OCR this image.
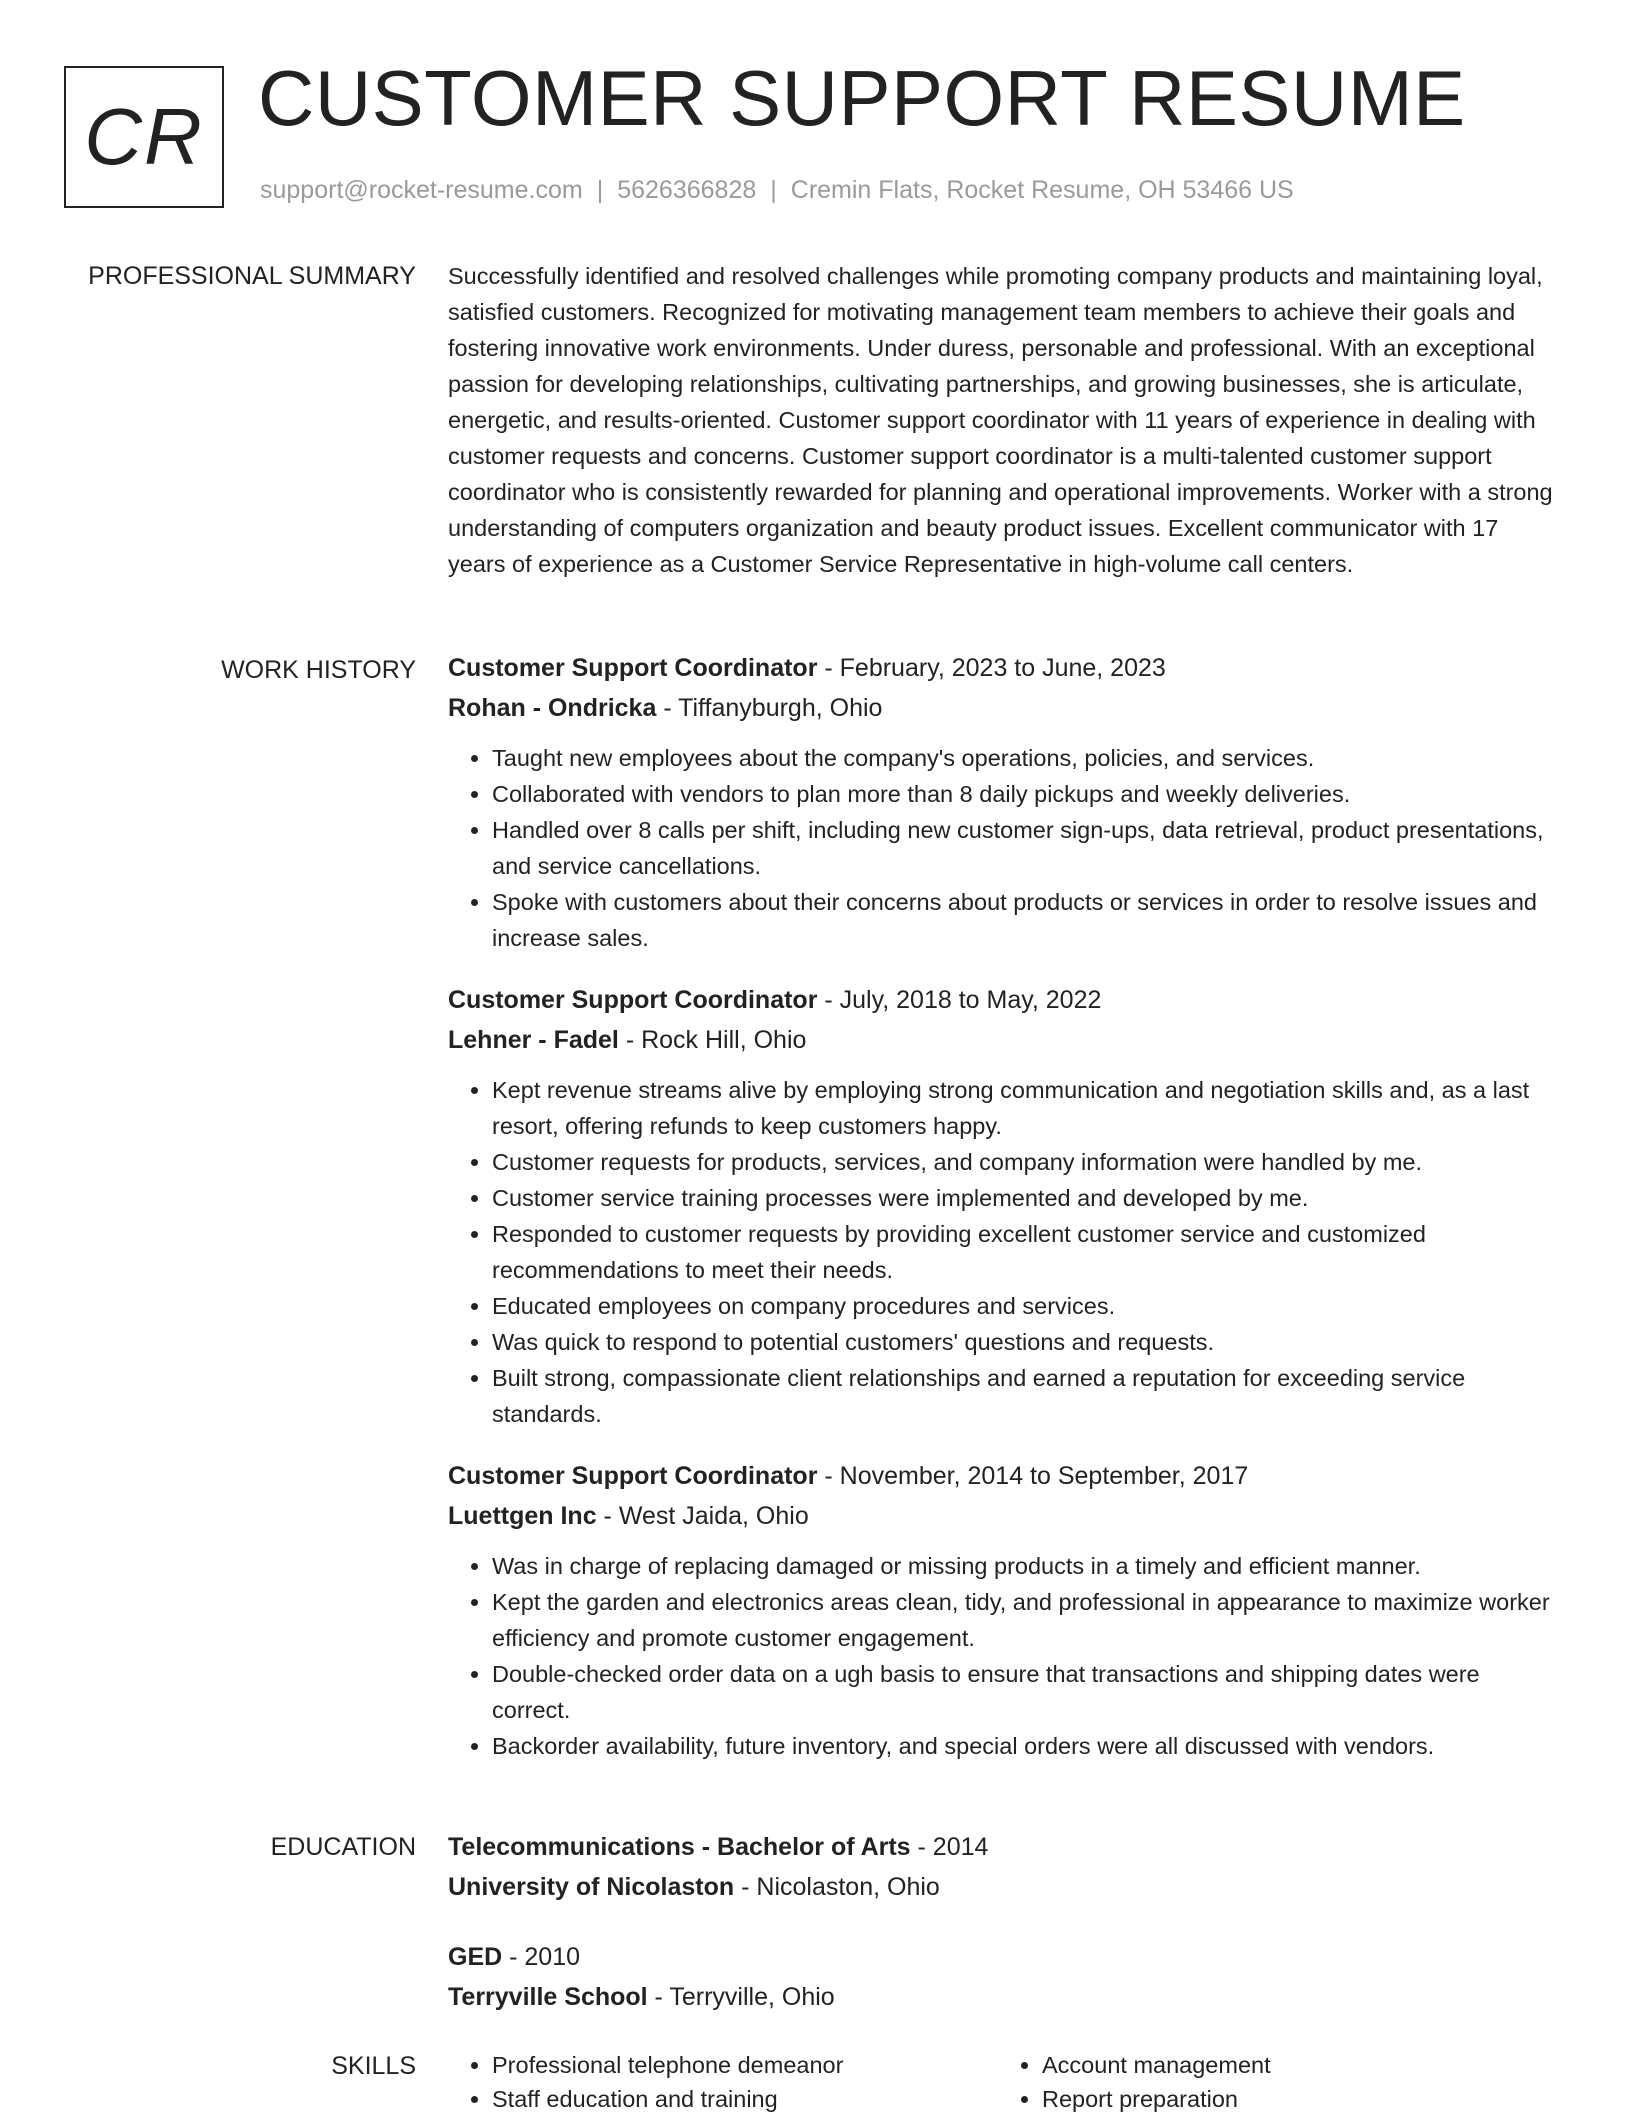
CR CUSTOMER SUPPORT RESUME
support@rocket-resume.com | 5626366828 | Cremin Flats, Rocket Resume, OH 53466 US
PROFESSIONAL SUMMARY Successfully identified and resolved challenges while promoting company products and maintaining loyal, satisfied customers. Recognized for motivating management team members to achieve their goals and fostering innovative work environments. Under duress, personable and professional. With an exceptional passion for developing relationships, cultivating partnerships, and growing businesses, she is articulate, energetic, and results-oriented. Customer support coordinator with 11 years of experience in dealing with customer requests and concerns. Customer support coordinator is a multi-talented customer support coordinator who is consistently rewarded for planning and operational improvements. Worker with a strong understanding of computers organization and beauty product issues. Excellent communicator with 17 years of experience as a Customer Service Representative in high-volume call centers.

WORK HISTORY Customer Support Coordinator - February, 2023 to June, 2023
Rohan - Ondricka - Tiffanyburgh, Ohio
• Taught new employees about the company's operations, policies, and services.
• Collaborated with vendors to plan more than 8 daily pickups and weekly deliveries.
• Handled over 8 calls per shift, including new customer sign-ups, data retrieval, product presentations, and service cancellations.
• Spoke with customers about their concerns about products or services in order to resolve issues and increase sales.
Customer Support Coordinator - July, 2018 to May, 2022
Lehner - Fadel - Rock Hill, Ohio
• Kept revenue streams alive by employing strong communication and negotiation skills and, as a last resort, offering refunds to keep customers happy.
• Customer requests for products, services, and company information were handled by me.
• Customer service training processes were implemented and developed by me.
• Responded to customer requests by providing excellent customer service and customized recommendations to meet their needs.
• Educated employees on company procedures and services.
• Was quick to respond to potential customers' questions and requests.
• Built strong, compassionate client relationships and earned a reputation for exceeding service standards.
Customer Support Coordinator - November, 2014 to September, 2017
Luettgen Inc - West Jaida, Ohio
• Was in charge of replacing damaged or missing products in a timely and efficient manner.
• Kept the garden and electronics areas clean, tidy, and professional in appearance to maximize worker efficiency and promote customer engagement.
• Double-checked order data on a ugh basis to ensure that transactions and shipping dates were correct.
• Backorder availability, future inventory, and special orders were all discussed with vendors.
EDUCATION Telecommunications - Bachelor of Arts - 2014
University of Nicolaston - Nicolaston, Ohio
GED - 2010
Terryville School - Terryville, Ohio
SKILLS
•	Professional telephone demeanor
• Staff education and training
• Account management
• Report preparation
